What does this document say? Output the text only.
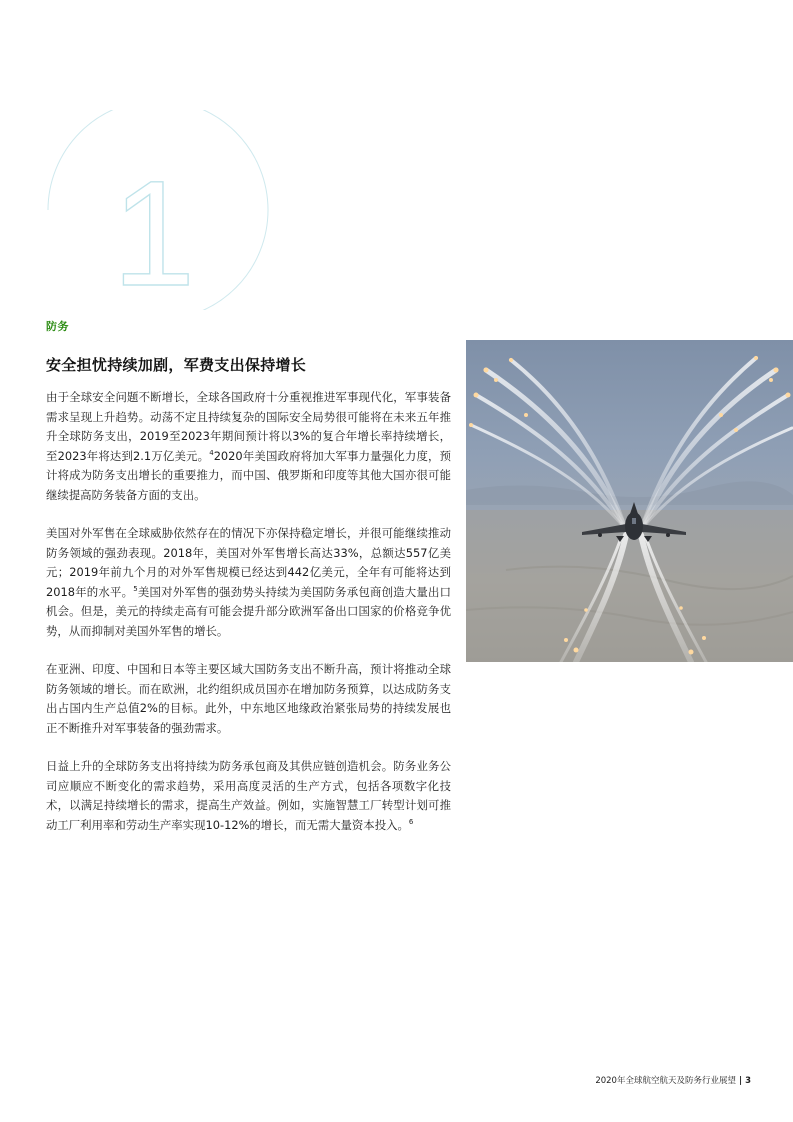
1
防务
安全担忧持续加剧，军费支出保持增长

由于全球安全问题不断增长，全球各国政府十分重视推进军事现代化，军事装备需求呈现上升趋势。动荡不定且持续复杂的国际安全局势很可能将在未来五年推升全球防务支出，2019至2023年期间预计将以3%的复合年增长率持续增长，至2023年将达到2.1万亿美元。$^4$2020年美国政府将加大军事力量强化力度，预计将成为防务支出增长的重要推力，而中国、俄罗斯和印度等其他大国亦很可能继续提高防务装备方面的支出。

美国对外军售在全球威胁依然存在的情况下亦保持稳定增长，并很可能继续推动防务领域的强劲表现。2018年，美国对外军售增长高达33%，总额达557亿美元；2019年前九个月的对外军售规模已经达到442亿美元，全年有可能将达到2018年的水平。$^5$美国对外军售的强劲势头持续为美国防务承包商创造大量出口机会。但是，美元的持续走高有可能会提升部分欧洲军备出口国家的价格竞争优势，从而抑制对美国外军售的增长。

在亚洲、印度、中国和日本等主要区域大国防务支出不断升高，预计将推动全球防务领域的增长。而在欧洲，北约组织成员国亦在增加防务预算，以达成防务支出占国内生产总值2%的目标。此外，中东地区地缘政治紧张局势的持续发展也正不断推升对军事装备的强劲需求。

日益上升的全球防务支出将持续为防务承包商及其供应链创造机会。防务业务公司应顺应不断变化的需求趋势，采用高度灵活的生产方式，包括各项数字化技术，以满足持续增长的需求，提高生产效益。例如，实施智慧工厂转型计划可推动工厂利用率和劳动生产率实现10-12%的增长，而无需大量资本投入。$^6$

2020年全球航空航天及防务行业展望 | 3
